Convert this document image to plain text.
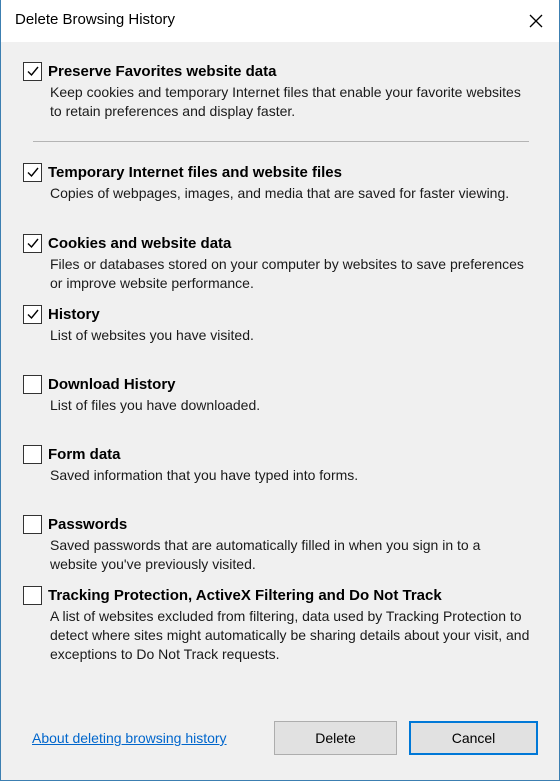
Delete Browsing History
Preserve Favorites website data
Keep cookies and temporary Internet files that enable your favorite websites to retain preferences and display faster.
Temporary Internet files and website files
Copies of webpages, images, and media that are saved for faster viewing.
Cookies and website data
Files or databases stored on your computer by websites to save preferences or improve website performance.
History
List of websites you have visited.
Download History
List of files you have downloaded.
Form data
Saved information that you have typed into forms.
Passwords
Saved passwords that are automatically filled in when you sign in to a website you've previously visited.
Tracking Protection, ActiveX Filtering and Do Not Track
A list of websites excluded from filtering, data used by Tracking Protection to detect where sites might automatically be sharing details about your visit, and exceptions to Do Not Track requests.
About deleting browsing history	Delete	Cancel
